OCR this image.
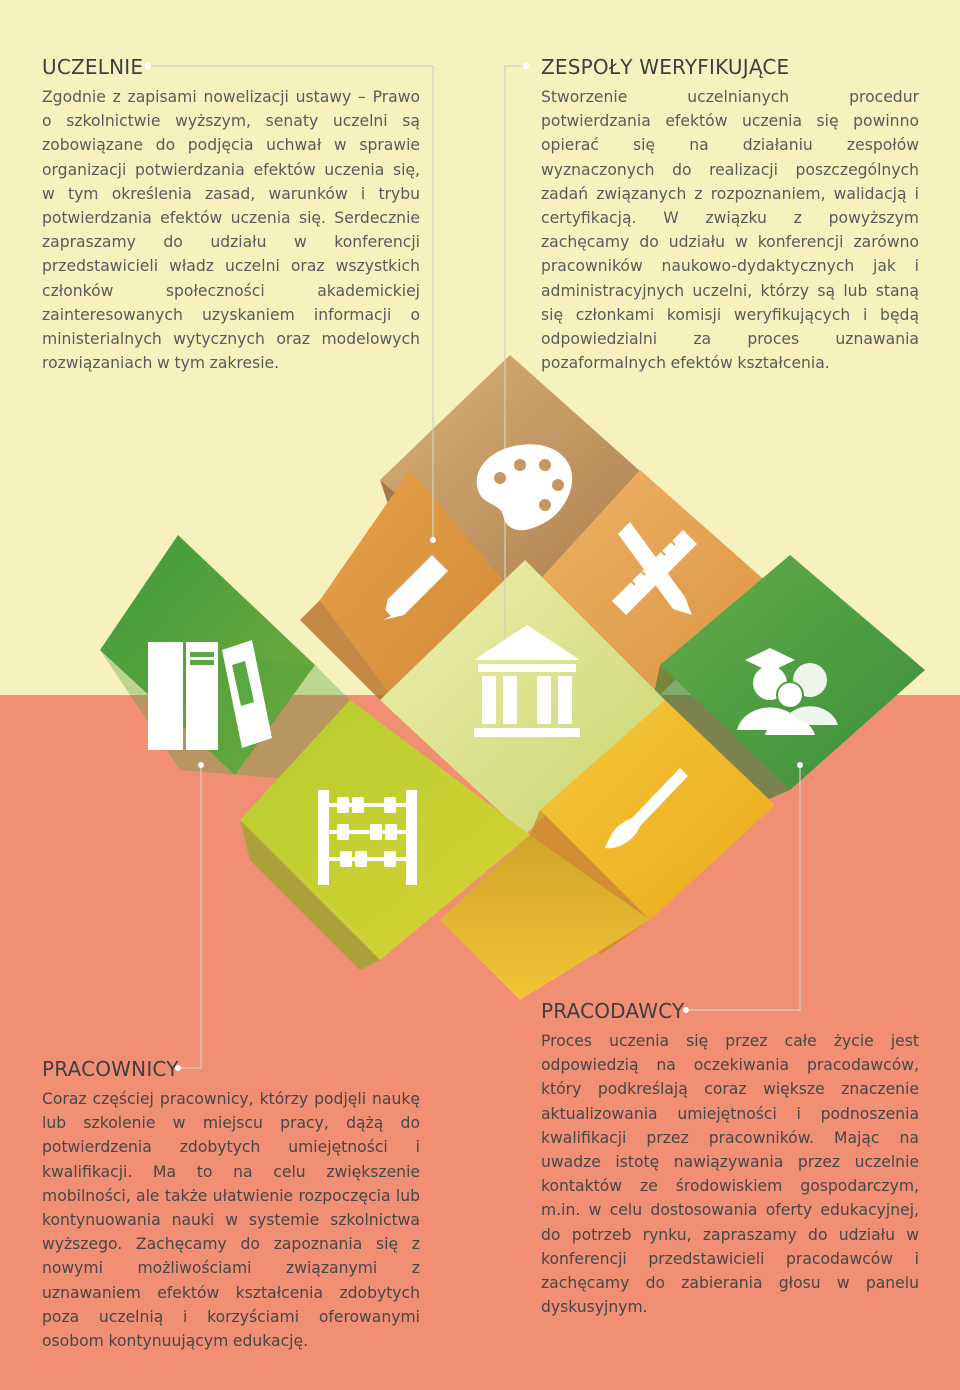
UCZELNIE

Zgodnie z zapisami nowelizacji ustawy – Prawo o szkolnictwie wyższym, senaty uczelni są zobowiązane do podjęcia uchwał w sprawie organizacji potwierdzania efektów uczenia się, w tym określenia zasad, warunków i trybu potwierdzania efektów uczenia się. Serdecznie zapraszamy do udziału w konferencji przedstawicieli władz uczelni oraz wszystkich członków społeczności akademickiej zainteresowanych uzyskaniem informacji o ministerialnych wytycznych oraz modelowych rozwiązaniach w tym zakresie.

ZESPOŁY WERYFIKUJĄCE

Stworzenie uczelnianych procedur potwierdzania efektów uczenia się powinno opierać się na działaniu zespołów wyznaczonych do realizacji poszczególnych zadań związanych z rozpoznaniem, walidacją i certyfikacją. W związku z powyższym zachęcamy do udziału w konferencji zarówno pracowników naukowo-dydaktycznych jak i administracyjnych uczelni, którzy są lub staną się członkami komisji weryfikujących i będą odpowiedzialni za proces uznawania pozaformalnych efektów kształcenia.

PRACODAWCY

Proces uczenia się przez całe życie jest odpowiedzią na oczekiwania pracodawców, który podkreślają coraz większe znaczenie aktualizowania umiejętności i podnoszenia kwalifikacji przez pracowników. Mając na uwadze istotę nawiązywania przez uczelnie kontaktów ze środowiskiem gospodarczym, m.in. w celu dostosowania oferty edukacyjnej, do potrzeb rynku, zapraszamy do udziału w konferencji przedstawicieli pracodawców i zachęcamy do zabierania głosu w panelu dyskusyjnym.

PRACOWNICY

Coraz częściej pracownicy, którzy podjęli naukę lub szkolenie w miejscu pracy, dążą do potwierdzenia zdobytych umiejętności i kwalifikacji. Ma to na celu zwiększenie mobilności, ale także ułatwienie rozpoczęcia lub kontynuowania nauki w systemie szkolnictwa wyższego. Zachęcamy do zapoznania się z nowymi możliwościami związanymi z uznawaniem efektów kształcenia zdobytych poza uczelnią i korzyściami oferowanymi osobom kontynuującym edukację.
